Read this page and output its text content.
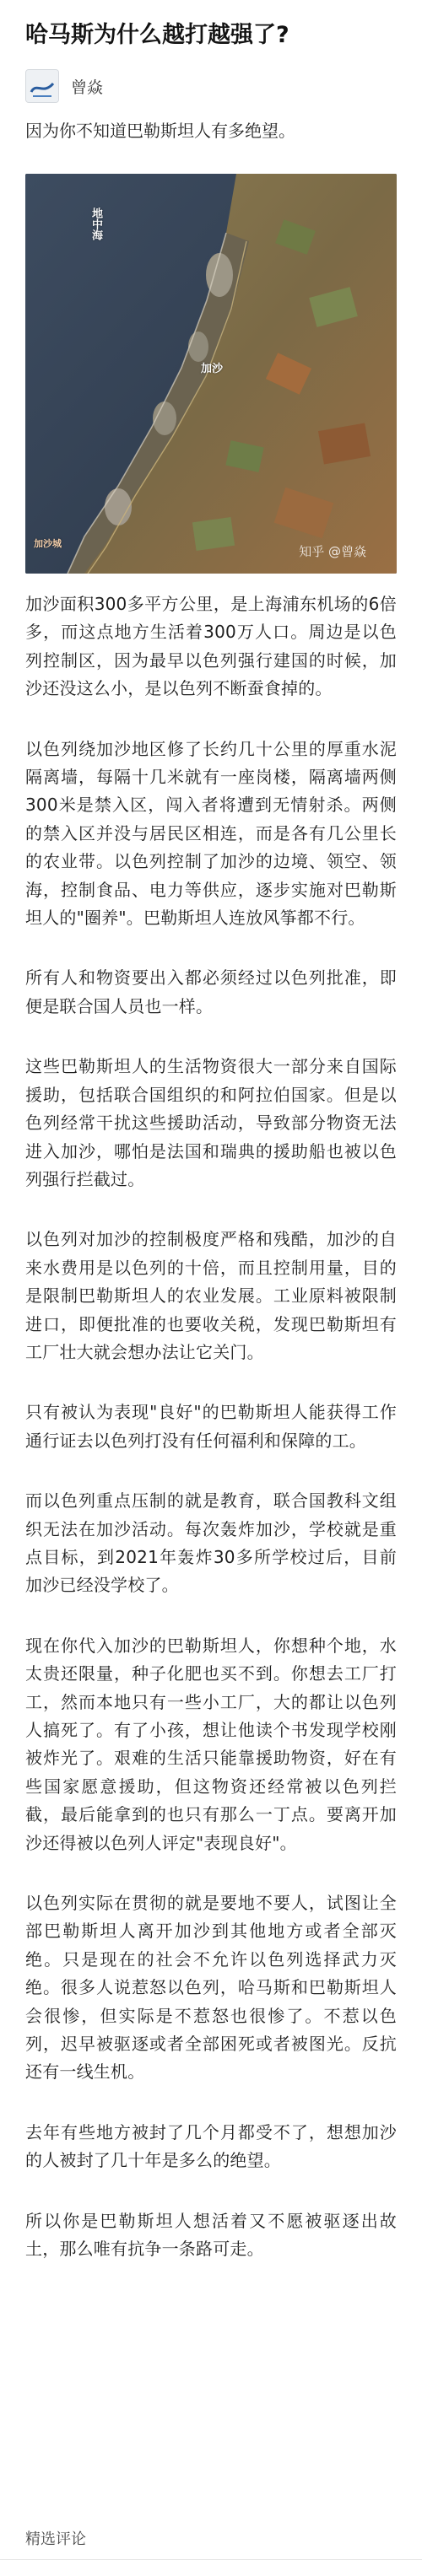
哈马斯为什么越打越强了?
曾焱
因为你不知道巴勒斯坦人有多绝望。
地中海
加沙
加沙城
知乎 @曾焱

加沙面积300多平方公里，是上海浦东机场的6倍多，而这点地方生活着300万人口。周边是以色列控制区，因为最早以色列强行建国的时候，加沙还没这么小，是以色列不断蚕食掉的。

以色列绕加沙地区修了长约几十公里的厚重水泥隔离墙，每隔十几米就有一座岗楼，隔离墙两侧300米是禁入区，闯入者将遭到无情射杀。两侧的禁入区并没与居民区相连，而是各有几公里长的农业带。以色列控制了加沙的边境、领空、领海，控制食品、电力等供应，逐步实施对巴勒斯坦人的"圈养"。巴勒斯坦人连放风筝都不行。

所有人和物资要出入都必须经过以色列批准，即便是联合国人员也一样。

这些巴勒斯坦人的生活物资很大一部分来自国际援助，包括联合国组织的和阿拉伯国家。但是以色列经常干扰这些援助活动，导致部分物资无法进入加沙，哪怕是法国和瑞典的援助船也被以色列强行拦截过。

以色列对加沙的控制极度严格和残酷，加沙的自来水费用是以色列的十倍，而且控制用量，目的是限制巴勒斯坦人的农业发展。工业原料被限制进口，即便批准的也要收关税，发现巴勒斯坦有工厂壮大就会想办法让它关门。

只有被认为表现"良好"的巴勒斯坦人能获得工作通行证去以色列打没有任何福利和保障的工。

而以色列重点压制的就是教育，联合国教科文组织无法在加沙活动。每次轰炸加沙，学校就是重点目标，到2021年轰炸30多所学校过后，目前加沙已经没学校了。

现在你代入加沙的巴勒斯坦人，你想种个地，水太贵还限量，种子化肥也买不到。你想去工厂打工，然而本地只有一些小工厂，大的都让以色列人搞死了。有了小孩，想让他读个书发现学校刚被炸光了。艰难的生活只能靠援助物资，好在有些国家愿意援助，但这物资还经常被以色列拦截，最后能拿到的也只有那么一丁点。要离开加沙还得被以色列人评定"表现良好"。

以色列实际在贯彻的就是要地不要人，试图让全部巴勒斯坦人离开加沙到其他地方或者全部灭绝。只是现在的社会不允许以色列选择武力灭绝。很多人说惹怒以色列，哈马斯和巴勒斯坦人会很惨，但实际是不惹怒也很惨了。不惹以色列，迟早被驱逐或者全部困死或者被图光。反抗还有一线生机。

去年有些地方被封了几个月都受不了，想想加沙的人被封了几十年是多么的绝望。

所以你是巴勒斯坦人想活着又不愿被驱逐出故土，那么唯有抗争一条路可走。

精选评论
